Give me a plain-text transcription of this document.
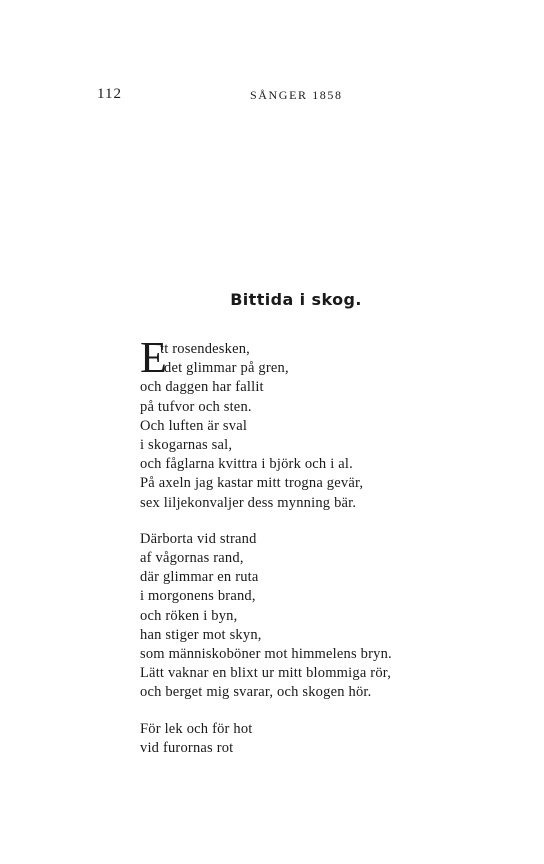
112	SÅNGER 1858
Bittida i skog.
E
tt rosendesken,
det glimmar på gren,
och daggen har fallit
på tufvor och sten.
Och luften är sval
i skogarnas sal,
och fåglarna kvittra i björk och i al.
På axeln jag kastar mitt trogna gevär,
sex liljekonvaljer dess mynning bär.
Därborta vid strand
af vågornas rand,
där glimmar en ruta
i morgonens brand,
och röken i byn,
han stiger mot skyn,
som människoböner mot himmelens bryn.
Lätt vaknar en blixt ur mitt blommiga rör,
och berget mig svarar, och skogen hör.
För lek och för hot
vid furornas rot
